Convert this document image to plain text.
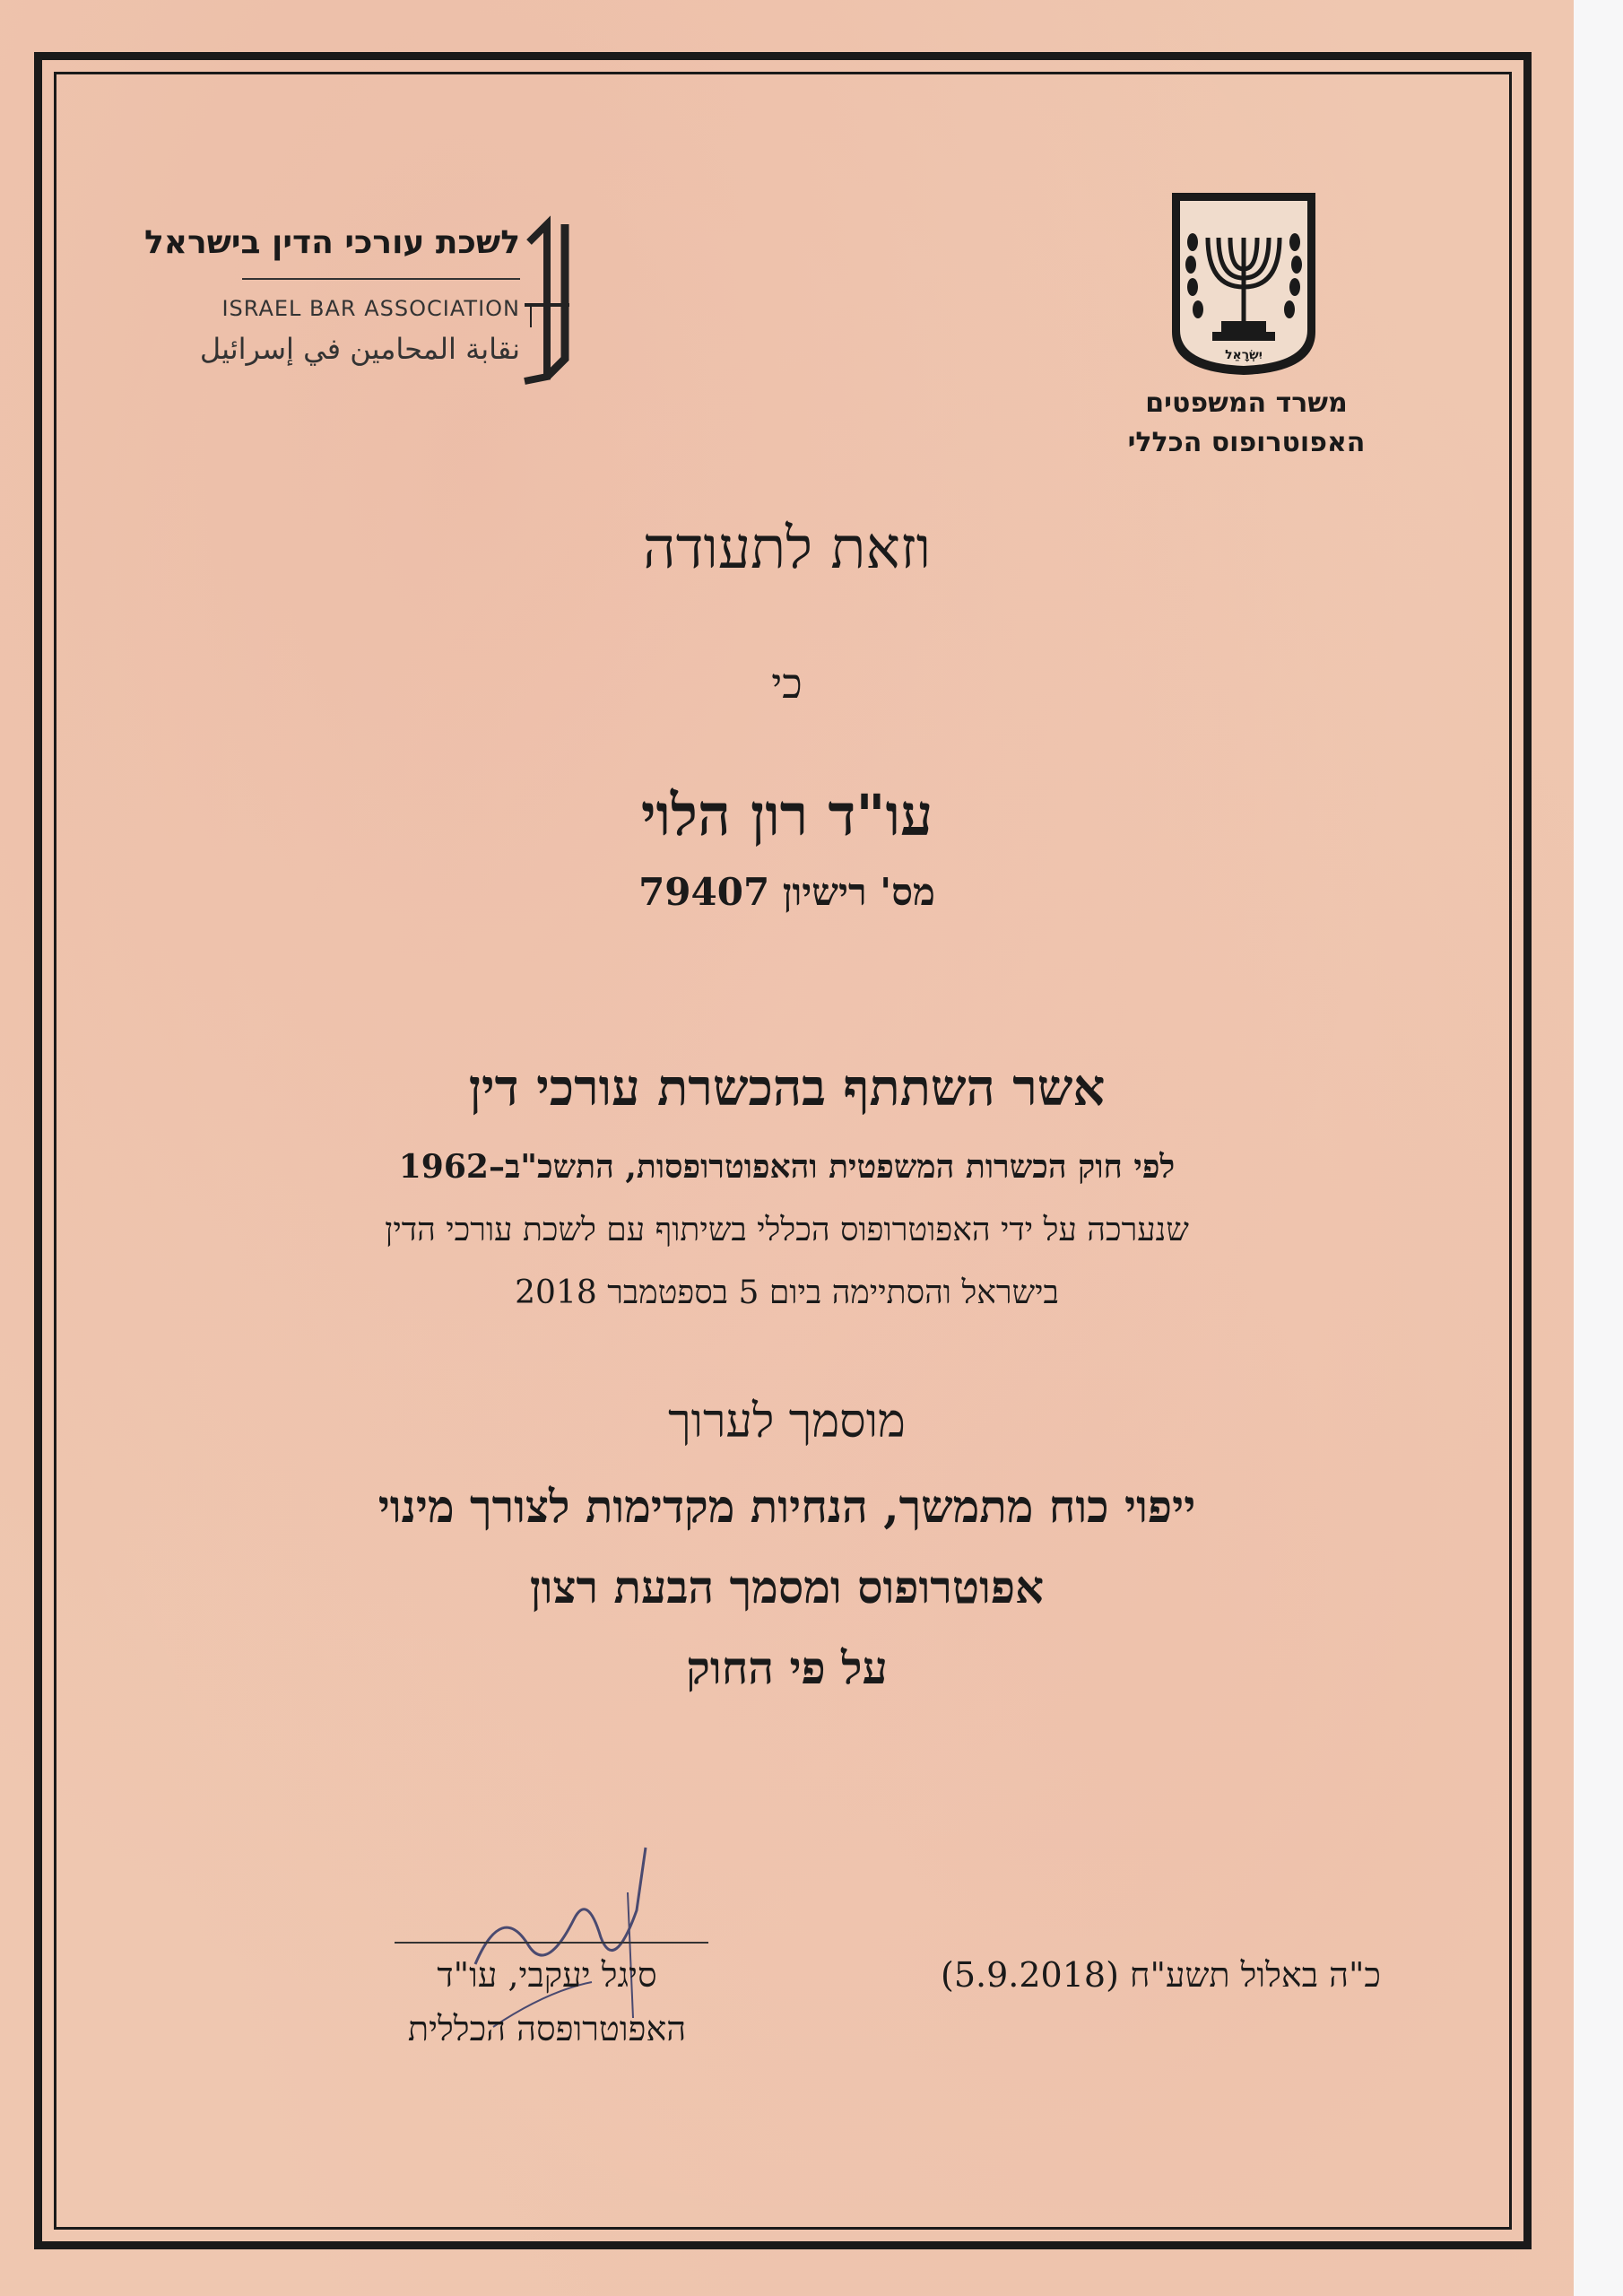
לשכת עורכי הדין בישראל
ISRAEL BAR ASSOCIATION
نقابة المحامين في إسرائيل	יִשְׂרָאֵל
משרד המשפטים
האפוטרופוס הכללי
וזאת לתעודה
כי
עו"ד רון הלוי
מס' רישיון 79407
אשר השתתף בהכשרת עורכי דין
לפי חוק הכשרות המשפטית והאפוטרופסות, התשכ"ב–1962
שנערכה על ידי האפוטרופוס הכללי בשיתוף עם לשכת עורכי הדין
בישראל והסתיימה ביום 5 בספטמבר 2018
מוסמך לערוך
ייפוי כוח מתמשך, הנחיות מקדימות לצורך מינוי
אפוטרופוס ומסמך הבעת רצון
על פי החוק
סיגל יעקבי, עו"ד
האפוטרופסה הכללית
כ"ה באלול תשע"ח (5.9.2018)
